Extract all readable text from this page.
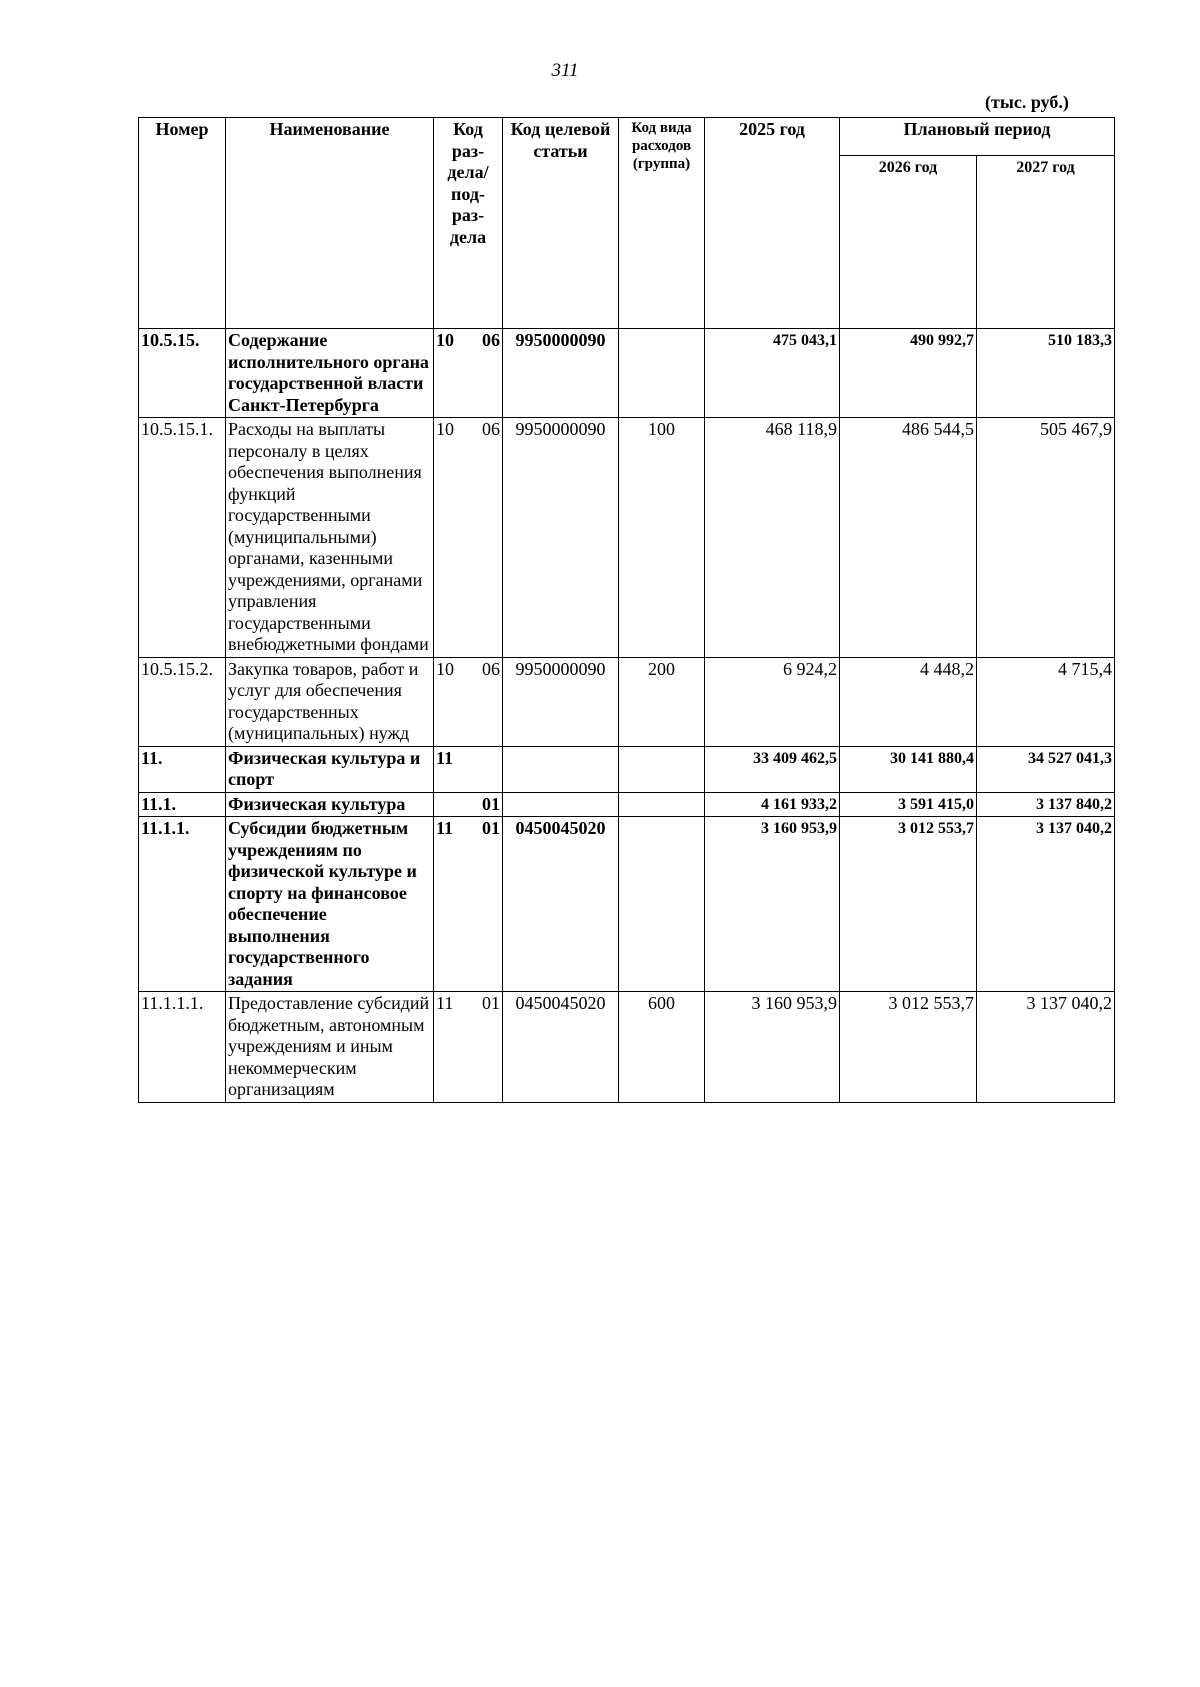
311
(тыс. руб.)
Номер	Наименование	Код раз-дела/ под-раз-дела	Код целевой статьи	Код вида расходов (группа)	2025 год	Плановый период	
						2026 год	2027 год
10.5.15.	Содержание исполнительного органа государственной власти Санкт-Петербурга	10 06	9950000090		475 043,1	490 992,7	510 183,3
10.5.15.1.	Расходы на выплаты персоналу в целях обеспечения выполнения функций государственными (муниципальными) органами, казенными учреждениями, органами управления государственными внебюджетными фондами	10 06	9950000090	100	468 118,9	486 544,5	505 467,9
10.5.15.2.	Закупка товаров, работ и услуг для обеспечения государственных (муниципальных) нужд	10 06	9950000090	200	6 924,2	4 448,2	4 715,4
11.	Физическая культура и спорт	11			33 409 462,5	30 141 880,4	34 527 041,3
11.1.	Физическая культура	01			4 161 933,2	3 591 415,0	3 137 840,2
11.1.1.	Субсидии бюджетным учреждениям по физической культуре и спорту на финансовое обеспечение выполнения государственного задания	11 01	0450045020		3 160 953,9	3 012 553,7	3 137 040,2
11.1.1.1.	Предоставление субсидий бюджетным, автономным учреждениям и иным некоммерческим организациям	11 01	0450045020	600	3 160 953,9	3 012 553,7	3 137 040,2
